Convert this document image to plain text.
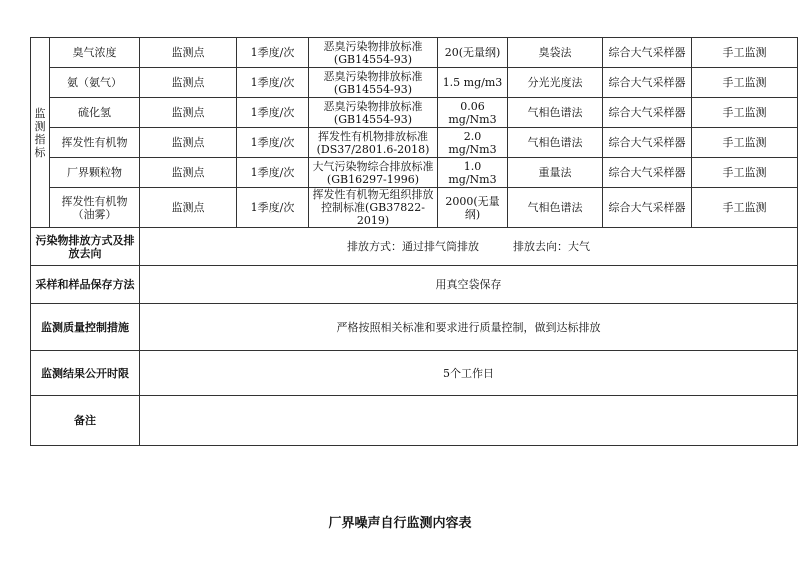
监
测
指
标	臭气浓度	监测点	1季度/次	恶臭污染物排放标准(GB14554-93)	20(无量纲)	臭袋法	综合大气采样器	手工监测
	氨（氨气）	监测点	1季度/次	恶臭污染物排放标准(GB14554-93)	1.5 mg/m3	分光光度法	综合大气采样器	手工监测
	硫化氢	监测点	1季度/次	恶臭污染物排放标准(GB14554-93)	0.06 mg/Nm3	气相色谱法	综合大气采样器	手工监测
	挥发性有机物	监测点	1季度/次	挥发性有机物排放标准(DS37/2801.6-2018)	2.0 mg/Nm3	气相色谱法	综合大气采样器	手工监测
	厂界颗粒物	监测点	1季度/次	大气污染物综合排放标准(GB16297-1996)	1.0 mg/Nm3	重量法	综合大气采样器	手工监测
	挥发性有机物（油雾）	监测点	1季度/次	挥发性有机物无组织排放控制标准(GB37822-2019)	2000(无量纲)	气相色谱法	综合大气采样器	手工监测
污染物排放方式及排放去向		排放方式：通过排气筒排放 排放去向：大气						
采样和样品保存方法		用真空袋保存						
监测质量控制措施		严格按照相关标准和要求进行质量控制，做到达标排放						
监测结果公开时限		5个工作日						
备注								
厂界噪声自行监测内容表
